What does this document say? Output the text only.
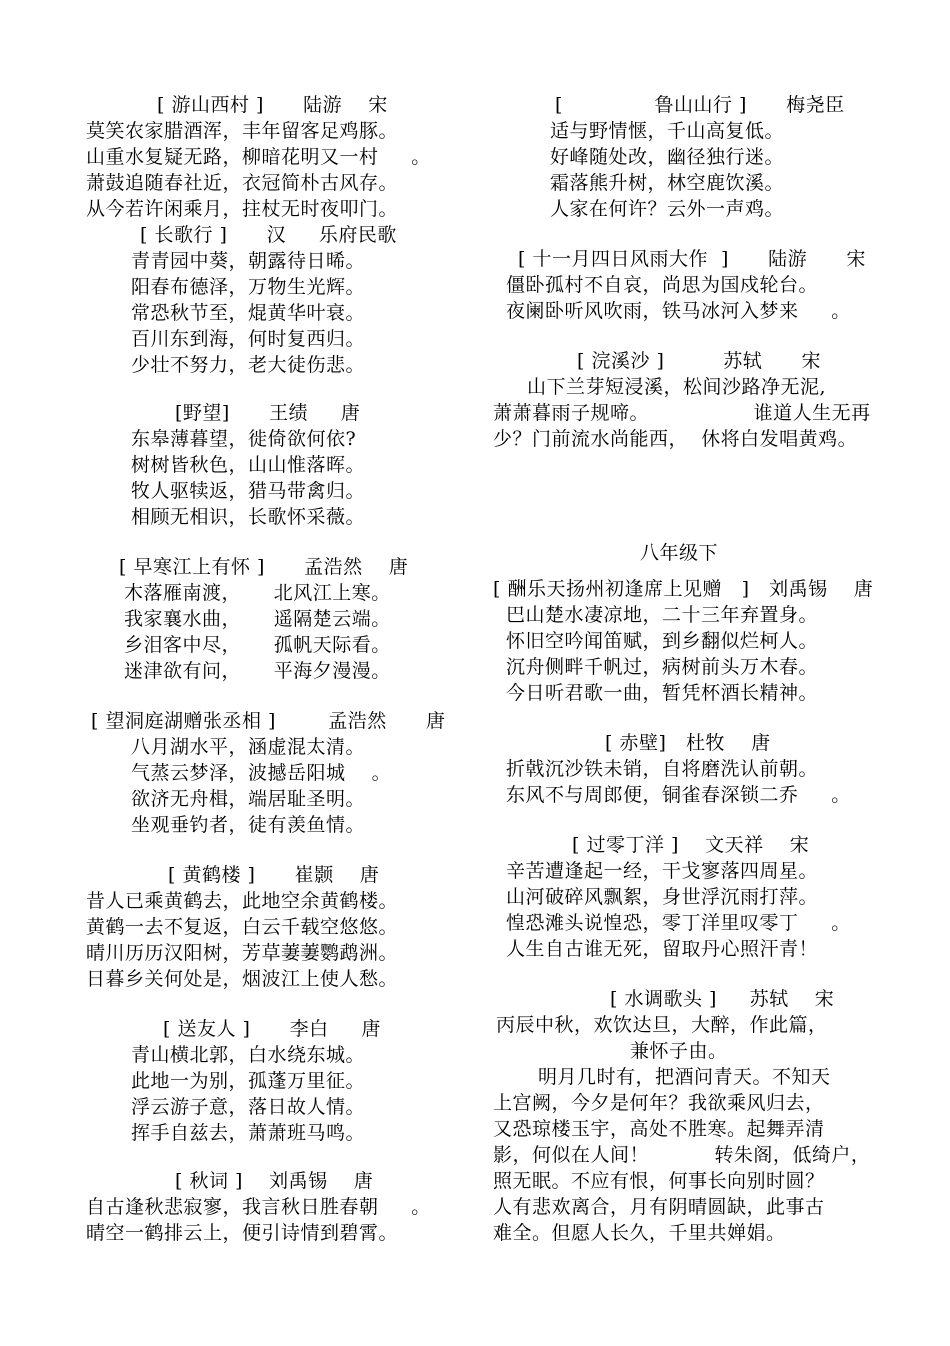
[ 游山西村 ]      陆游    宋
莫笑农家腊酒浑，丰年留客足鸡豚。
山重水复疑无路，柳暗花明又一村     。
萧鼓追随春社近，衣冠简朴古风存。
从今若许闲乘月，拄杖无时夜叩门。
[ 长歌行 ]      汉     乐府民歌
青青园中葵，朝露待日晞。
阳春布德泽，万物生光辉。
常恐秋节至，焜黄华叶衰。
百川东到海，何时复西归。
少壮不努力，老大徒伤悲。
[野望]      王绩     唐
东皋薄暮望，徙倚欲何依?
树树皆秋色，山山惟落晖。
牧人驱犊返，猎马带禽归。
相顾无相识，长歌怀采薇。
[ 早寒江上有怀 ]      孟浩然    唐
木落雁南渡，     北风江上寒。
我家襄水曲，     遥隔楚云端。
乡泪客中尽，     孤帆天际看。
迷津欲有问，     平海夕漫漫。
[ 望洞庭湖赠张丞相 ]        孟浩然      唐
八月湖水平，涵虚混太清。
气蒸云梦泽，波撼岳阳城    。
欲济无舟楫，端居耻圣明。
坐观垂钓者，徒有羡鱼情。
[ 黄鹤楼 ]      崔颢    唐
昔人已乘黄鹤去，此地空余黄鹤楼。
黄鹤一去不复返，白云千载空悠悠。
晴川历历汉阳树，芳草萋萋鹦鹉洲。
日暮乡关何处是，烟波江上使人愁。
[ 送友人 ]      李白     唐
青山横北郭，白水绕东城。
此地一为别，孤蓬万里征。
浮云游子意，落日故人情。
挥手自兹去，萧萧班马鸣。
[ 秋词 ]    刘禹锡    唐
自古逢秋悲寂寥，我言秋日胜春朝     。
晴空一鹤排云上，便引诗情到碧霄。
[              鲁山山行 ]      梅尧臣
适与野情惬，千山高复低。
好峰随处改，幽径独行迷。
霜落熊升树，林空鹿饮溪。
人家在何许？云外一声鸡。
[ 十一月四日风雨大作  ]      陆游      宋
僵卧孤村不自哀，尚思为国戍轮台。
夜阑卧听风吹雨，铁马冰河入梦来     。
[ 浣溪沙 ]         苏轼      宋
山下兰芽短浸溪，松间沙路净无泥,
萧萧暮雨子规啼。                谁道人生无再
少？门前流水尚能西，  休将白发唱黄鸡。
八年级下
[ 酬乐天扬州初逢席上见赠   ]   刘禹锡    唐
巴山楚水凄凉地，二十三年弃置身。
怀旧空吟闻笛赋，到乡翻似烂柯人。
沉舟侧畔千帆过，病树前头万木春。
今日听君歌一曲，暂凭杯酒长精神。
[ 赤壁]   杜牧    唐
折戟沉沙铁未销，自将磨洗认前朝。
东风不与周郎便，铜雀春深锁二乔     。
[ 过零丁洋 ]    文天祥    宋
辛苦遭逢起一经，干戈寥落四周星。
山河破碎风飘絮，身世浮沉雨打萍。
惶恐滩头说惶恐，零丁洋里叹零丁     。
人生自古谁无死，留取丹心照汗青！
[ 水调歌头 ]     苏轼    宋
丙辰中秋，欢饮达旦，大醉，作此篇，
兼怀子由。
明月几时有，把酒问青天。不知天
上宫阙，今夕是何年？我欲乘风归去，
又恐琼楼玉宇，高处不胜寒。起舞弄清
影，何似在人间！          转朱阁，低绮户，
照无眠。不应有恨，何事长向别时圆？
人有悲欢离合，月有阴晴圆缺，此事古
难全。但愿人长久，千里共婵娟。
